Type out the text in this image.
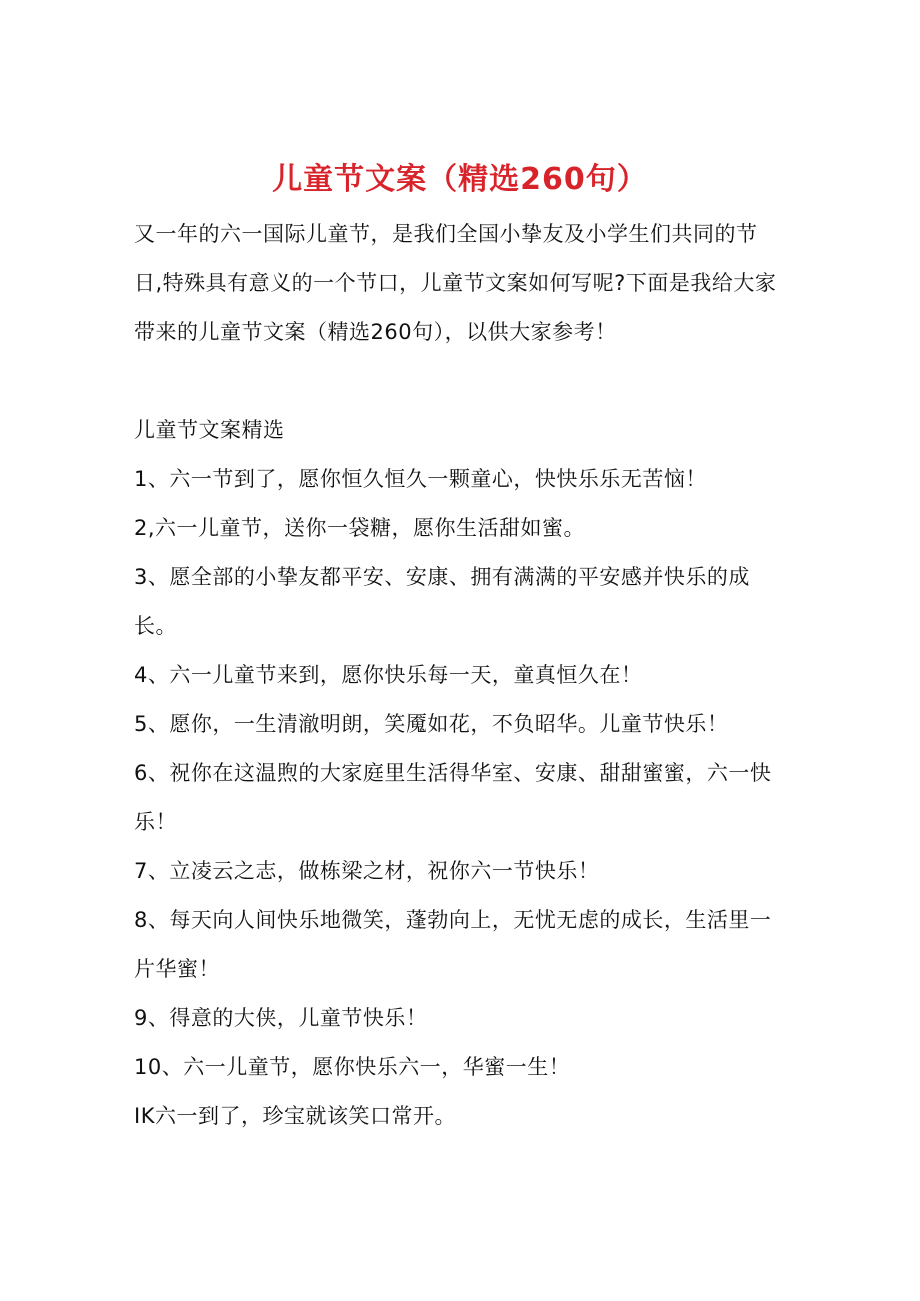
儿童节文案（精选260句）

又一年的六一国际儿童节，是我们全国小挚友及小学生们共同的节
日,特殊具有意义的一个节口，儿童节文案如何写呢?下面是我给大家
带来的儿童节文案（精选260句），以供大家参考！

儿童节文案精选

1、六一节到了，愿你恒久恒久一颗童心，快快乐乐无苦恼！
2,六一儿童节，送你一袋糖，愿你生活甜如蜜。
3、愿全部的小挚友都平安、安康、拥有满满的平安感并快乐的成
长。
4、六一儿童节来到，愿你快乐每一天，童真恒久在！
5、愿你，一生清澈明朗，笑魇如花，不负昭华。儿童节快乐！
6、祝你在这温煦的大家庭里生活得华室、安康、甜甜蜜蜜，六一快
乐！
7、立凌云之志，做栋梁之材，祝你六一节快乐！
8、每天向人间快乐地微笑，蓬勃向上，无忧无虑的成长，生活里一
片华蜜！
9、得意的大侠，儿童节快乐！
10、六一儿童节，愿你快乐六一，华蜜一生！
IK六一到了，珍宝就该笑口常开。
